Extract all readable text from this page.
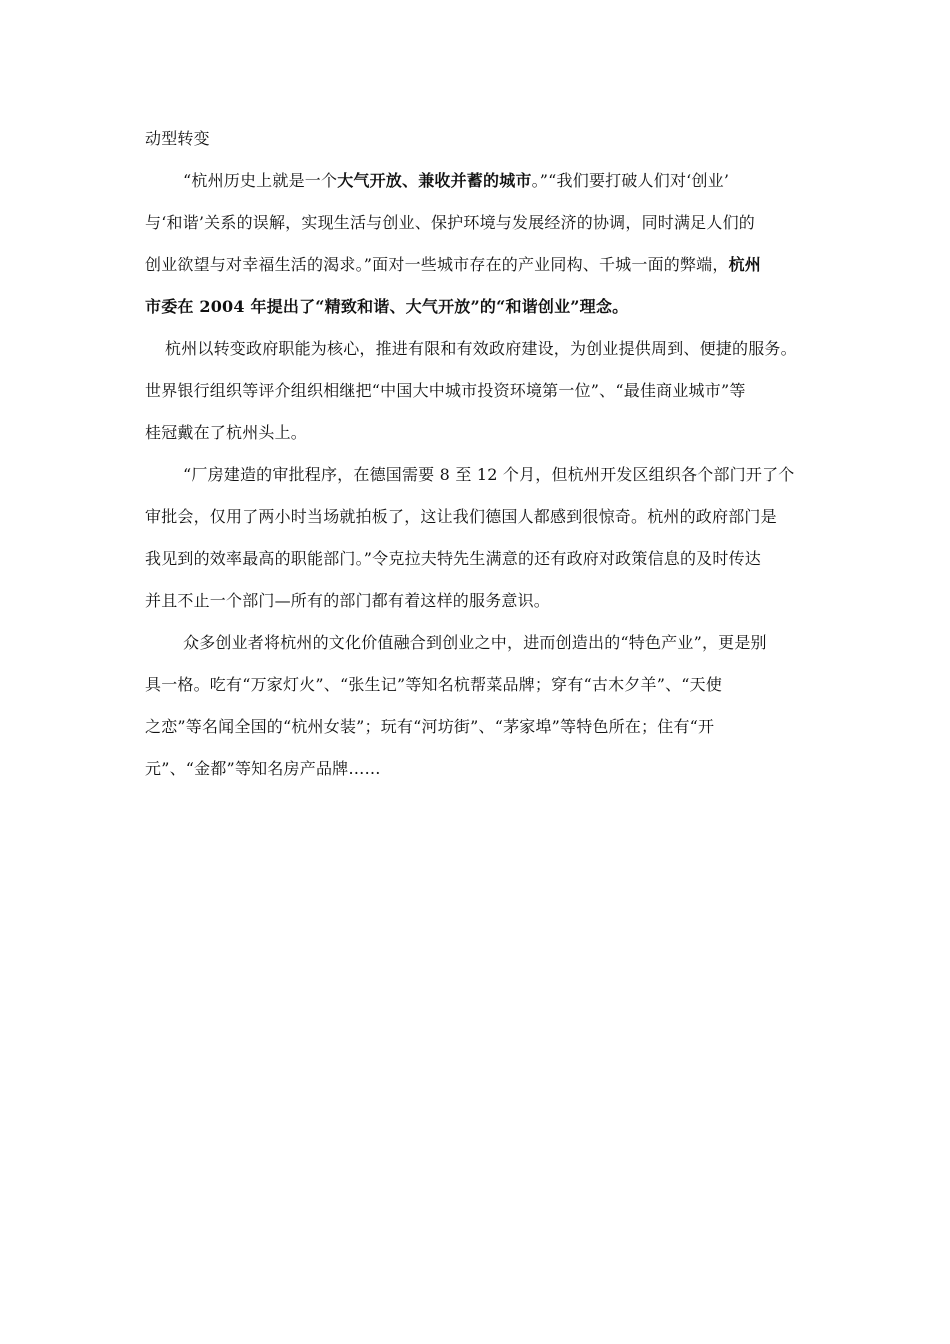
动型转变
“杭州历史上就是一个大气开放、兼收并蓄的城市。”“我们要打破人们对‘创业’
与‘和谐’关系的误解，实现生活与创业、保护环境与发展经济的协调，同时满足人们的
创业欲望与对幸福生活的渴求。”面对一些城市存在的产业同构、千城一面的弊端，杭州
市委在 2004 年提出了“精致和谐、大气开放”的“和谐创业”理念。
杭州以转变政府职能为核心，推进有限和有效政府建设，为创业提供周到、便捷的服务。
世界银行组织等评介组织相继把“中国大中城市投资环境第一位”、“最佳商业城市”等
桂冠戴在了杭州头上。
“厂房建造的审批程序，在德国需要 8 至 12 个月，但杭州开发区组织各个部门开了个
审批会，仅用了两小时当场就拍板了，这让我们德国人都感到很惊奇。杭州的政府部门是
我见到的效率最高的职能部门。”令克拉夫特先生满意的还有政府对政策信息的及时传达
并且不止一个部门—所有的部门都有着这样的服务意识。
众多创业者将杭州的文化价值融合到创业之中，进而创造出的“特色产业”，更是别
具一格。吃有“万家灯火”、“张生记”等知名杭帮菜品牌；穿有“古木夕羊”、“天使
之恋”等名闻全国的“杭州女装”；玩有“河坊街”、“茅家埠”等特色所在；住有“开
元”、“金都”等知名房产品牌……
